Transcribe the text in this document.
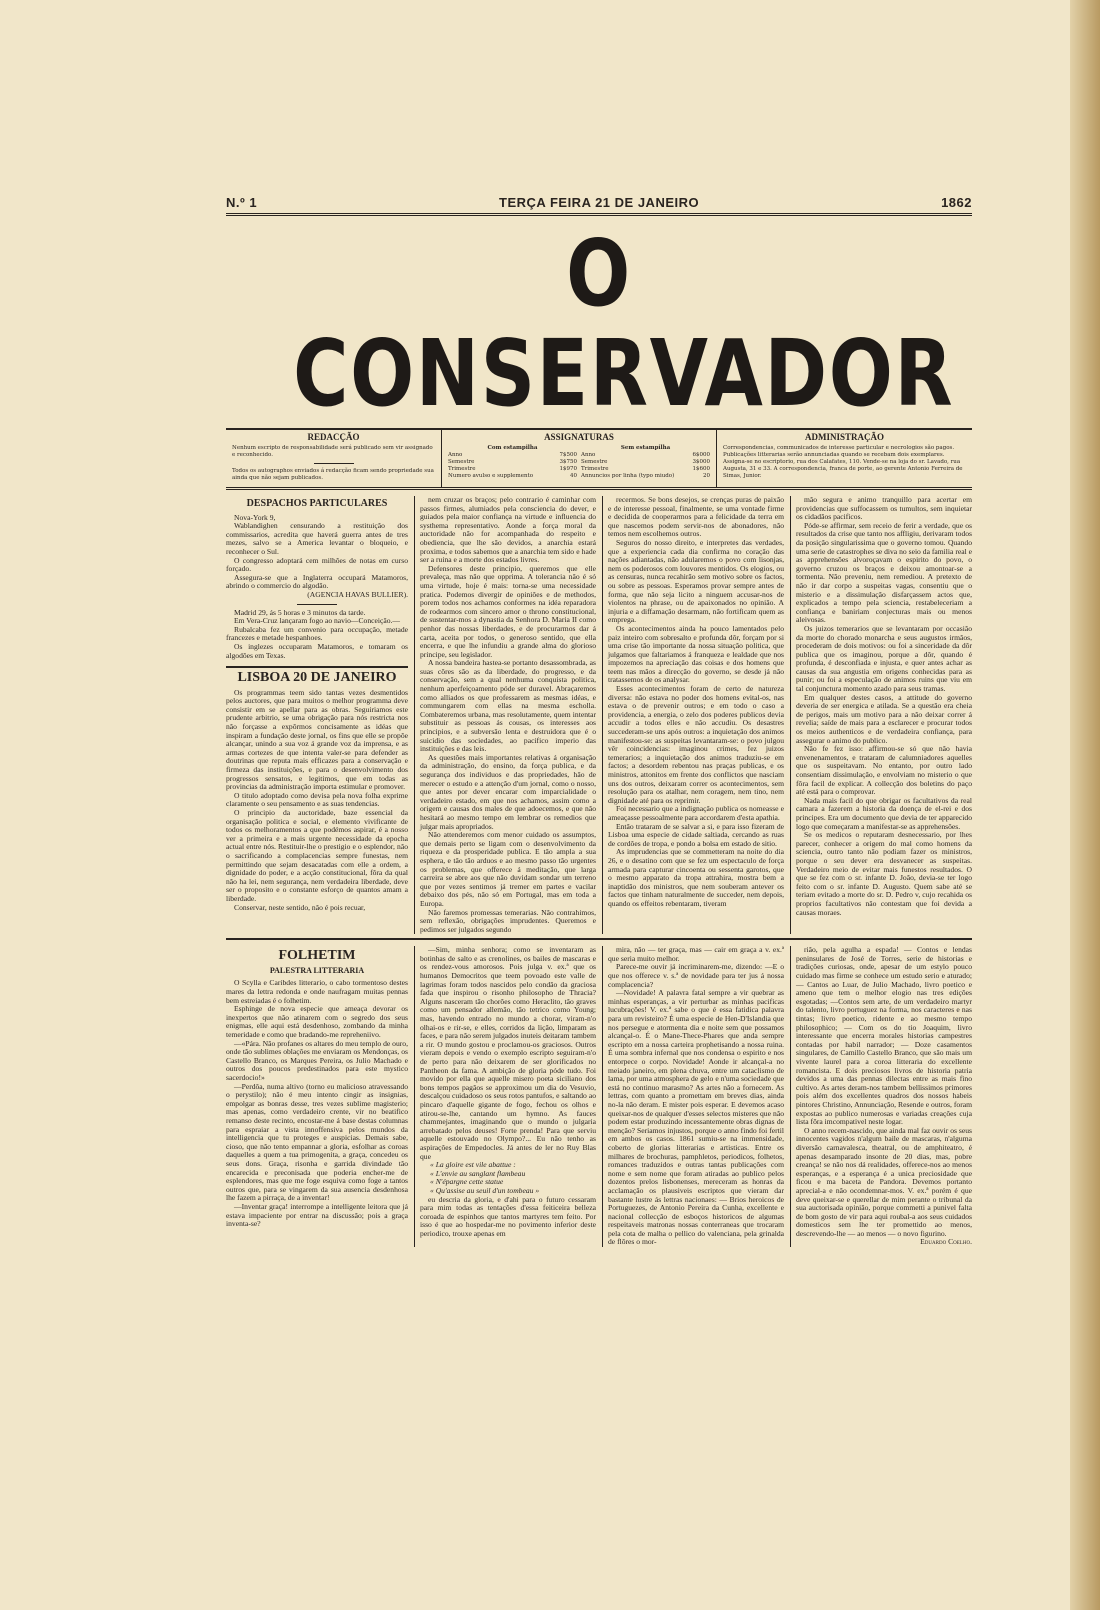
N.º 1	TERÇA FEIRA 21 DE JANEIRO	1862
O CONSERVADOR
REDACÇÃO

Nenhum escripto de responsabilidade será publicado sem vir assignado e reconhecido.

Todos os autographos enviados á redacção ficam sendo propriedade sua ainda que não sejam publicados.

ASSIGNATURAS
Com estampilha
Anno	7$500
Semestre	3$750
Trimestre	1$970
Numero avulso e supplemento	40
Sem estampilha
Anno	6$000
Semestre	3$000
Trimestre	1$600
Annuncios por linha (typo miudo)	20
ADMINISTRAÇÃO

Correspondencias, communicados de interesse particular e necrologios são pagos. Publicações litterarias serão annunciadas quando se recebam dois exemplares. Assigna-se no escriptorio, rua dos Calafates, 110. Vende-se na loja do sr. Lavado, rua Augusta, 31 e 33. A correspondencia, franca de porte, ao gerente Antonio Ferreira de Simas, Junior.

DESPACHOS PARTICULARES

Nova-York 9,

Wablandighen censurando a restituição dos commissarios, acredita que haverá guerra antes de tres mezes, salvo se a America levantar o bloqueio, e reconhecer o Sul.

O congresso adoptará cem milhões de notas em curso forçado.

Assegura-se que a Inglaterra occupará Matamoros, abrindo o commercio do algodão.

(AGENCIA HAVAS BULLIER).

Madrid 29, ás 5 horas e 3 minutos da tarde.

Em Vera-Cruz lançaram fogo ao navio—Conceição.—

Rubalcaba fez um convenio para occupação, metade francezes e metade hespanhoes.

Os inglezes occuparam Matamoros, e tomaram os algodões em Texas.

LISBOA 20 DE JANEIRO

Os programmas teem sido tantas vezes desmentidos pelos auctores, que para muitos o melhor programma deve consistir em se apellar para as obras. Seguiriamos este prudente arbitrio, se uma obrigação para nós restricta nos não forçasse a expôrmos concisamente as idéas que inspiram a fundação deste jornal, os fins que elle se propõe alcançar, unindo a sua voz á grande voz da imprensa, e as armas cortezes de que intenta valer-se para defender as doutrinas que reputa mais efficazes para a conservação e firmeza das instituições, e para o desenvolvimento dos progressos sensatos, e legitimos, que em todas as provincias da administração importa estimular e promover.

O titulo adoptado como devisa pela nova folha exprime claramente o seu pensamento e as suas tendencias.

O principio da auctoridade, baze essencial da organisação politica e social, e elemento vivificante de todos os melhoramentos a que podémos aspirar, é a nosso ver a primeira e a mais urgente necessidade da epocha actual entre nós. Restituir-lhe o prestigio e o esplendor, não o sacrificando a complacencias sempre funestas, nem permittindo que sejam desacatadas com elle a ordem, a dignidade do poder, e a acção constitucional, fôra da qual não ha lei, nem segurança, nem verdadeira liberdade, deve ser o proposito e o constante esforço de quantos amam a liberdade.

Conservar, neste sentido, não é pois recuar,

nem cruzar os braços; pelo contrario é caminhar com passos firmes, alumiados pela consciencia do dever, e guiados pela maior confiança na virtude e influencia do systhema representativo. Aonde a força moral da auctoridade não for acompanhada do respeito e obediencia, que lhe são devidos, a anarchia estará proxima, e todos sabemos que a anarchia tem sido e hade ser a ruina e a morte dos estados livres.

Defensores deste principio, queremos que elle prevaleça, mas não que opprima. A tolerancia não é só uma virtude, hoje é mais: torna-se uma necessidade pratica. Podemos divergir de opiniões e de methodos, porem todos nos achamos conformes na idéa reparadora de rodearmos com sincero amor o throno constitucional, de sustentar-mos a dynastia da Senhora D. Maria II como penhor das nossas liberdades, e de procurarmos dar á carta, aceita por todos, o generoso sentido, que ella encerra, e que lhe infundiu a grande alma do glorioso principe, seu legislador.

A nossa bandeira hastea-se portanto desassombrada, as suas côres são as da liberdade, do progresso, e da conservação, sem a qual nenhuma conquista politica, nenhum aperfeiçoamento póde ser duravel. Abraçaremos como alliados os que professarem as mesmas idéas, e commungarem com ellas na mesma escholla. Combateremos urbana, mas resolutamente, quem intentar substituir as pessoas ás cousas, os interesses aos principios, e a subversão lenta e destruidora que é o suicidio das sociedades, ao pacifico imperio das instituições e das leis.

As questões mais importantes relativas á organisação da administração, do ensino, da força publica, e da segurança dos individuos e das propriedades, hão de merecer o estudo e a attenção d'um jornal, como o nosso, que antes por dever encarar com imparcialidade o verdadeiro estado, em que nos achamos, assim como a origem e causas dos males de que adoecemos, e que não hesitará ao mesmo tempo em lembrar os remedios que julgar mais apropriados.

Não attenderemos com menor cuidado os assumptos, que demais perto se ligam com o desenvolvimento da riqueza e da prosperidade publica. E tão ampla a sua esphera, e tão tão arduos e ao mesmo passo tão urgentes os problemas, que offerece á meditação, que larga carreira se abre aos que não duvidam sondar um terreno que por vezes sentimos já tremer em partes e vacilar debaixo dos pés, não só em Portugal, mas em toda a Europa.

Não faremos promessas temerarias. Não contrahimos, sem reflexão, obrigações imprudentes. Queremos e pedimos ser julgados segundo

recermos. Se bons desejos, se crenças puras de paixão e de interesse pessoal, finalmente, se uma vontade firme e decidida de cooperarmos para a felicidade da terra em que nascemos podem servir-nos de abonadores, não temos nem escolhemos outros.

Seguros do nosso direito, e interpretes das verdades, que a experiencia cada dia confirma no coração das nações adiantadas, não adularemos o povo com lisonjas, nem os poderosos com louvores mentidos. Os elogios, ou as censuras, nunca recahirão sem motivo sobre os factos, ou sobre as pessoas. Esperamos provar sempre antes de forma, que não seja licito a ninguem accusar-nos de violentos na phrase, ou de apaixonados no opinião. A injuria e a diffamação desarmam, não fortificam quem as emprega.

Os acontecimentos ainda ha pouco lamentados pelo paiz inteiro com sobresalto e profunda dôr, forçam por si uma crise tão importante da nossa situação politica, que julgamos que faltariamos á franqueza e lealdade que nos impozemos na apreciação das coisas e dos homens que teem nas mãos a direcção do governo, se desde já não tratassemos de os analysar.

Esses acontecimentos foram de certo de natureza diversa: não estava no poder dos homens evital-os, nas estava o de prevenir outros; e em todo o caso a providencia, a energia, o zelo dos poderes publicos devia accudir a todos elles e não accudiu. Os desastres succederam-se uns após outros: a inquietação dos animos manifestou-se: as suspeitas levantaram-se: o povo julgou vêr coincidencias: imaginou crimes, fez juizos temerarios; a inquietação dos animos traduziu-se em factos; a desordem rebentou nas praças publicas, e os ministros, attonitos em frente dos conflictos que nasciam uns dos outros, deixaram correr os acontecimentos, sem resolução para os atalhar, nem coragem, nem tino, nem dignidade até para os reprimir.

Foi necessario que a indignação publica os nomeasse e ameaçasse pessoalmente para accordarem d'esta apathia.

Então trataram de se salvar a si, e para isso fizeram de Lisboa uma especie de cidade saltiada, cercando as ruas de cordões de tropa, e pondo a bolsa em estado de sitio.

As imprudencias que se commetteram na noite do dia 26, e o desatino com que se fez um espectaculo de força armada para capturar cincoenta ou sessenta garotos, que o mesmo apparato da tropa attrahira, mostra bem a inaptidão dos ministros, que nem souberam antever os factos que tinham naturalmente de succeder, nem depois, quando os effeitos rebentaram, tiveram

mão segura e animo tranquillo para acertar em providencias que suffocassem os tumultos, sem inquietar os cidadãos pacificos.

Póde-se affirmar, sem receio de ferir a verdade, que os resultados da crise que tanto nos affligiu, derivaram todos da posição singularissima que o governo tomou. Quando uma serie de catastrophes se diva no seio da familia real e as apprehensões alvoroçavam o espirito do povo, o governo cruzou os braços e deixou amontoar-se a tormenta. Não preveniu, nem remediou. A pretexto de não ir dar corpo a suspeitas vagas, consentiu que o misterio e a dissimulação disfarçassem actos que, explicados a tempo pela sciencia, restabeleceriam a confiança e baniriam conjecturas mais ou menos aleivosas.

Os juizos temerarios que se levantaram por occasião da morte do chorado monarcha e seus augustos irmãos, procederam de dois motivos: ou foi a sinceridade da dôr publica que os imaginou, porque a dôr, quando é profunda, é desconfiada e injusta, e quer antes achar as causas da sua angustia em origens conhecidas para as punir; ou foi a especulação de animos ruins que viu em tal conjunctura momento azado para seus tramas.

Em qualquer destes casos, a attitude do governo deveria de ser energica e atilada. Se a questão era cheia de perigos, mais um motivo para a não deixar correr á revelia; saíde de mais para a esclarecer e procurar todos os meios authenticos e de verdadeira confiança, para assegurar o animo do publico.

Não fe fez isso: affirmou-se só que não havia envenenamentos, e trataram de calumniadores aquelles que os suspeitavam. No entanto, por outro lado consentiam dissimulação, e envolviam no misterio o que fôra facil de explicar. A collecção dos boletins do paço até está para o comprovar.

Nada mais facil do que obrigar os facultativos da real camara a fazerem a historia da doença de el-rei e dos principes. Era um documento que devia de ter apparecido logo que começaram a manifestar-se as apprehensões.

Se os medicos o reputaram desnecessario, por lhes parecer, conhecer a origem do mal como homens da sciencia, outro tanto não podiam fazer os ministros, porque o seu dever era desvanecer as suspeitas. Verdadeiro meio de evitar mais funestos resultados. O que se fez com o sr. infante D. João, devia-se ter logo feito com o sr. infante D. Augusto. Quem sabe até se teriam evitado a morte do sr. D. Pedro v, cujo recahida os proprios facultativos não contestam que foi devida a causas moraes.

FOLHETIM
PALESTRA LITTERARIA

O Scylla e Caribdes litterario, o cabo tormentoso destes mares da lettra redonda e onde naufragam muitas pennas bem estreiadas é o folhetim.

Esphinge de nova especie que ameaça devorar os inexpertos que não atinarem com o segredo dos seus enigmas, elle aqui está desdenhoso, zombando da minha temeridade e como que bradando-me repreheniivo.

—«Pára. Não profanes os altares do meu templo de ouro, onde tão sublimes oblações me enviaram os Mendonças, os Castello Branco, os Marques Pereira, os Julio Machado e outros dos poucos predestinados para este mystico sacerdocio!»

—Perdôa, numa altivo (torno eu malicioso atravessando o perystilo); não é meu intento cingir as insignias, empolgar as bonras desse, tres vezes sublime magisterio; mas apenas, como verdadeiro crente, vir no beatifico remanso deste recinto, encostar-me á base destas columnas para espraiar a vista innoffensiva pelos mundos da intelligencia que tu proteges e auspicias. Demais sabe, cioso, que não tento empannar a gloria, esfolhar as coroas daquelles a quem a tua primogenita, a graça, concedeu os seus dons. Graça, risonha e garrida divindade tão encarecida e preconisada que poderia encher-me de esplendores, mas que me foge esquiva como foge a tantos outros que, para se vingarem da sua ausencia desdenhosa lhe fazem a pirraça, de a inventar!

—Inventar graça! interrompe a intelligente leitora que já estava impaciente por entrar na discussão; pois a graça inventa-se?

—Sim, minha senhora; como se inventaram as botinhas de salto e as crenolines, os bailes de mascaras e os rendez-vous amorosos. Pois julga v. ex.ª que os humanos Democritos que teem povoado este valle de lagrimas foram todos nascidos pelo condão da graciosa fada que inspirou o risonho philosopho de Thracia? Alguns nasceram tão chorões como Heraclito, tão graves como um pensador allemão, tão tetrico como Young; mas, havendo entrado no mundo a chorar, viram-n'o olhai-os e rir-se, e elles, corridos da lição, limparam as faces, e para não serem julgados inuteis deitaram tambem a rir. O mundo gostou e proclamou-os graciosos. Outros vieram depois e vendo o exemplo escripto seguiram-n'o de perto para não deixarem de ser glorificados no Pantheon da fama. A ambição de gloria póde tudo. Foi movido por ella que aquelle misero poeta siciliano dos bons tempos pagãos se approximou um dia do Vesuvio, descalçou cuidadoso os seus rotos pantufos, e saltando ao pincaro d'aquelle gigante de fogo, fechou os olhos e atirou-se-lhe, cantando um hymno. As fauces chammejantes, imaginando que o mundo o julgaria arrebatado pelos deuses! Forte prenda! Para que serviu aquelle estouvado no Olympo?... Eu não tenho as aspirações de Empedocles. Já antes de ler no Ruy Blas que

« La gloire est vile abattue :

« L'envie au sanglant flambeau

« N'épargne cette statue

« Qu'assise au seuil d'un tombeau »

eu descria da gloria, e d'ahi para o futuro cessaram para mim todas as tentações d'essa feiticeira belleza coroada de espinhos que tantos martyres tem feito. Por isso é que ao hospedar-me no povimento inferior deste periodico, trouxe apenas em

mira, não — ter graça, mas — cair em graça a v. ex.ª que seria muito melhor.

Parece-me ouvir já incriminarem-me, dizendo: —E o que nos offerece v. s.ª de novidade para ter jus á nossa complacencia?

—Novidade! A palavra fatal sempre a vir quebrar as minhas esperanças, a vir perturbar as minhas pacificas lucubrações! V. ex.ª sabe o que é essa fatidica palavra para um revisteiro? É uma especie de Hen-D'Islandia que nos persegue e atormenta dia e noite sem que possamos alcançal-o. É o Mane-Thece-Phares que anda sempre escripto em a nossa carteira prophetisando a nossa ruina. É uma sombra infernal que nos condensa o espirito e nos entorpece o corpo. Novidade! Aonde ir alcançal-a no meiado janeiro, em plena chuva, entre um cataclismo de lama, por uma atmosphera de gelo e n'uma sociedade que está no continuo marasmo? As artes não a fornecem. As lettras, com quanto a promettam em breves dias, ainda no-la não deram. E mister pois esperar. E devemos acaso queixar-nos de qualquer d'esses selectos misteres que não podem estar produzindo incessantemente obras dignas de menção? Seriamos injustos, porque o anno findo foi fertil em ambos os casos. 1861 sumiu-se na immensidade, coberto de glorias litterarias e artisticas. Entre os milhares de brochuras, pamphletos, periodicos, folhetos, romances traduzidos e outras tantas publicações com nome e sem nome que foram atiradas ao publico pelos dozentos prelos lisbonenses, mereceram as honras da acclamação os plausiveis escriptos que vieram dar bastante lustre ás lettras nacionaes: — Brios heroicos de Portuguezes, de Antonio Pereira da Cunha, excellente e nacional collecção de esboços historicos de algumas respeitaveis matronas nossas conterraneas que trocaram pela cota de malha o pellico do valenciana, pela grinalda de flôres o mor-

rião, pela agulha a espada! — Contos e lendas peninsulares de José de Torres, serie de historias e tradições curiosas, onde, apesar de um estylo pouco cuidado mas firme se conhece um estudo serio e aturado; — Cantos ao Luar, de Julio Machado, livro poetico e ameno que tem o melhor elogio nas tres edições esgotadas; —Contos sem arte, de um verdadeiro martyr do talento, livro portuguez na forma, nos caracteres e nas tintas; livro poetico, ridente e ao mesmo tempo philosophico; — Com os do tio Joaquim, livro interessante que encerra morales historias campestres contadas por habil narrador; — Doze casamentos singulares, de Camillo Castello Branco, que são mais um vivente laurel para a coroa litteraria do excellente romancista. E dois preciosos livros de historia patria devidos a uma das pennas dilectas entre as mais fino cultivo. As artes deram-nos tambem bellissimos primores pois além dos excellentes quadros dos nossos habeis pintores Christino, Annunciação, Resende e outros, foram expostas ao publico numerosas e variadas creações cuja lista fôra imcompativel neste logar.

O anno recem-nascido, que ainda mal faz ouvir os seus innocentes vagidos n'algum baile de mascaras, n'alguma diversão carnavalesca, theatral, ou de amphiteatro, é apenas desamparado insonte de 20 dias, mas, pobre creança! se não nos dá realidades, offerece-nos ao menos esperanças, e a esperança é a unica preciosidade que ficou e ma baceta de Pandora. Devemos portanto aprecial-a e não ocondemnar-mos. V. ex.ª porém é que deve queixar-se e querellar de mim perante o tribunal da sua auctorisada opinião, porque commetti a punivel falta de bom gosto de vir para aqui roubal-a aos seus cuidados domesticos sem lhe ter promettido ao menos, descrevendo-lhe — ao menos — o novo figurino.

Eduardo Coelho.
